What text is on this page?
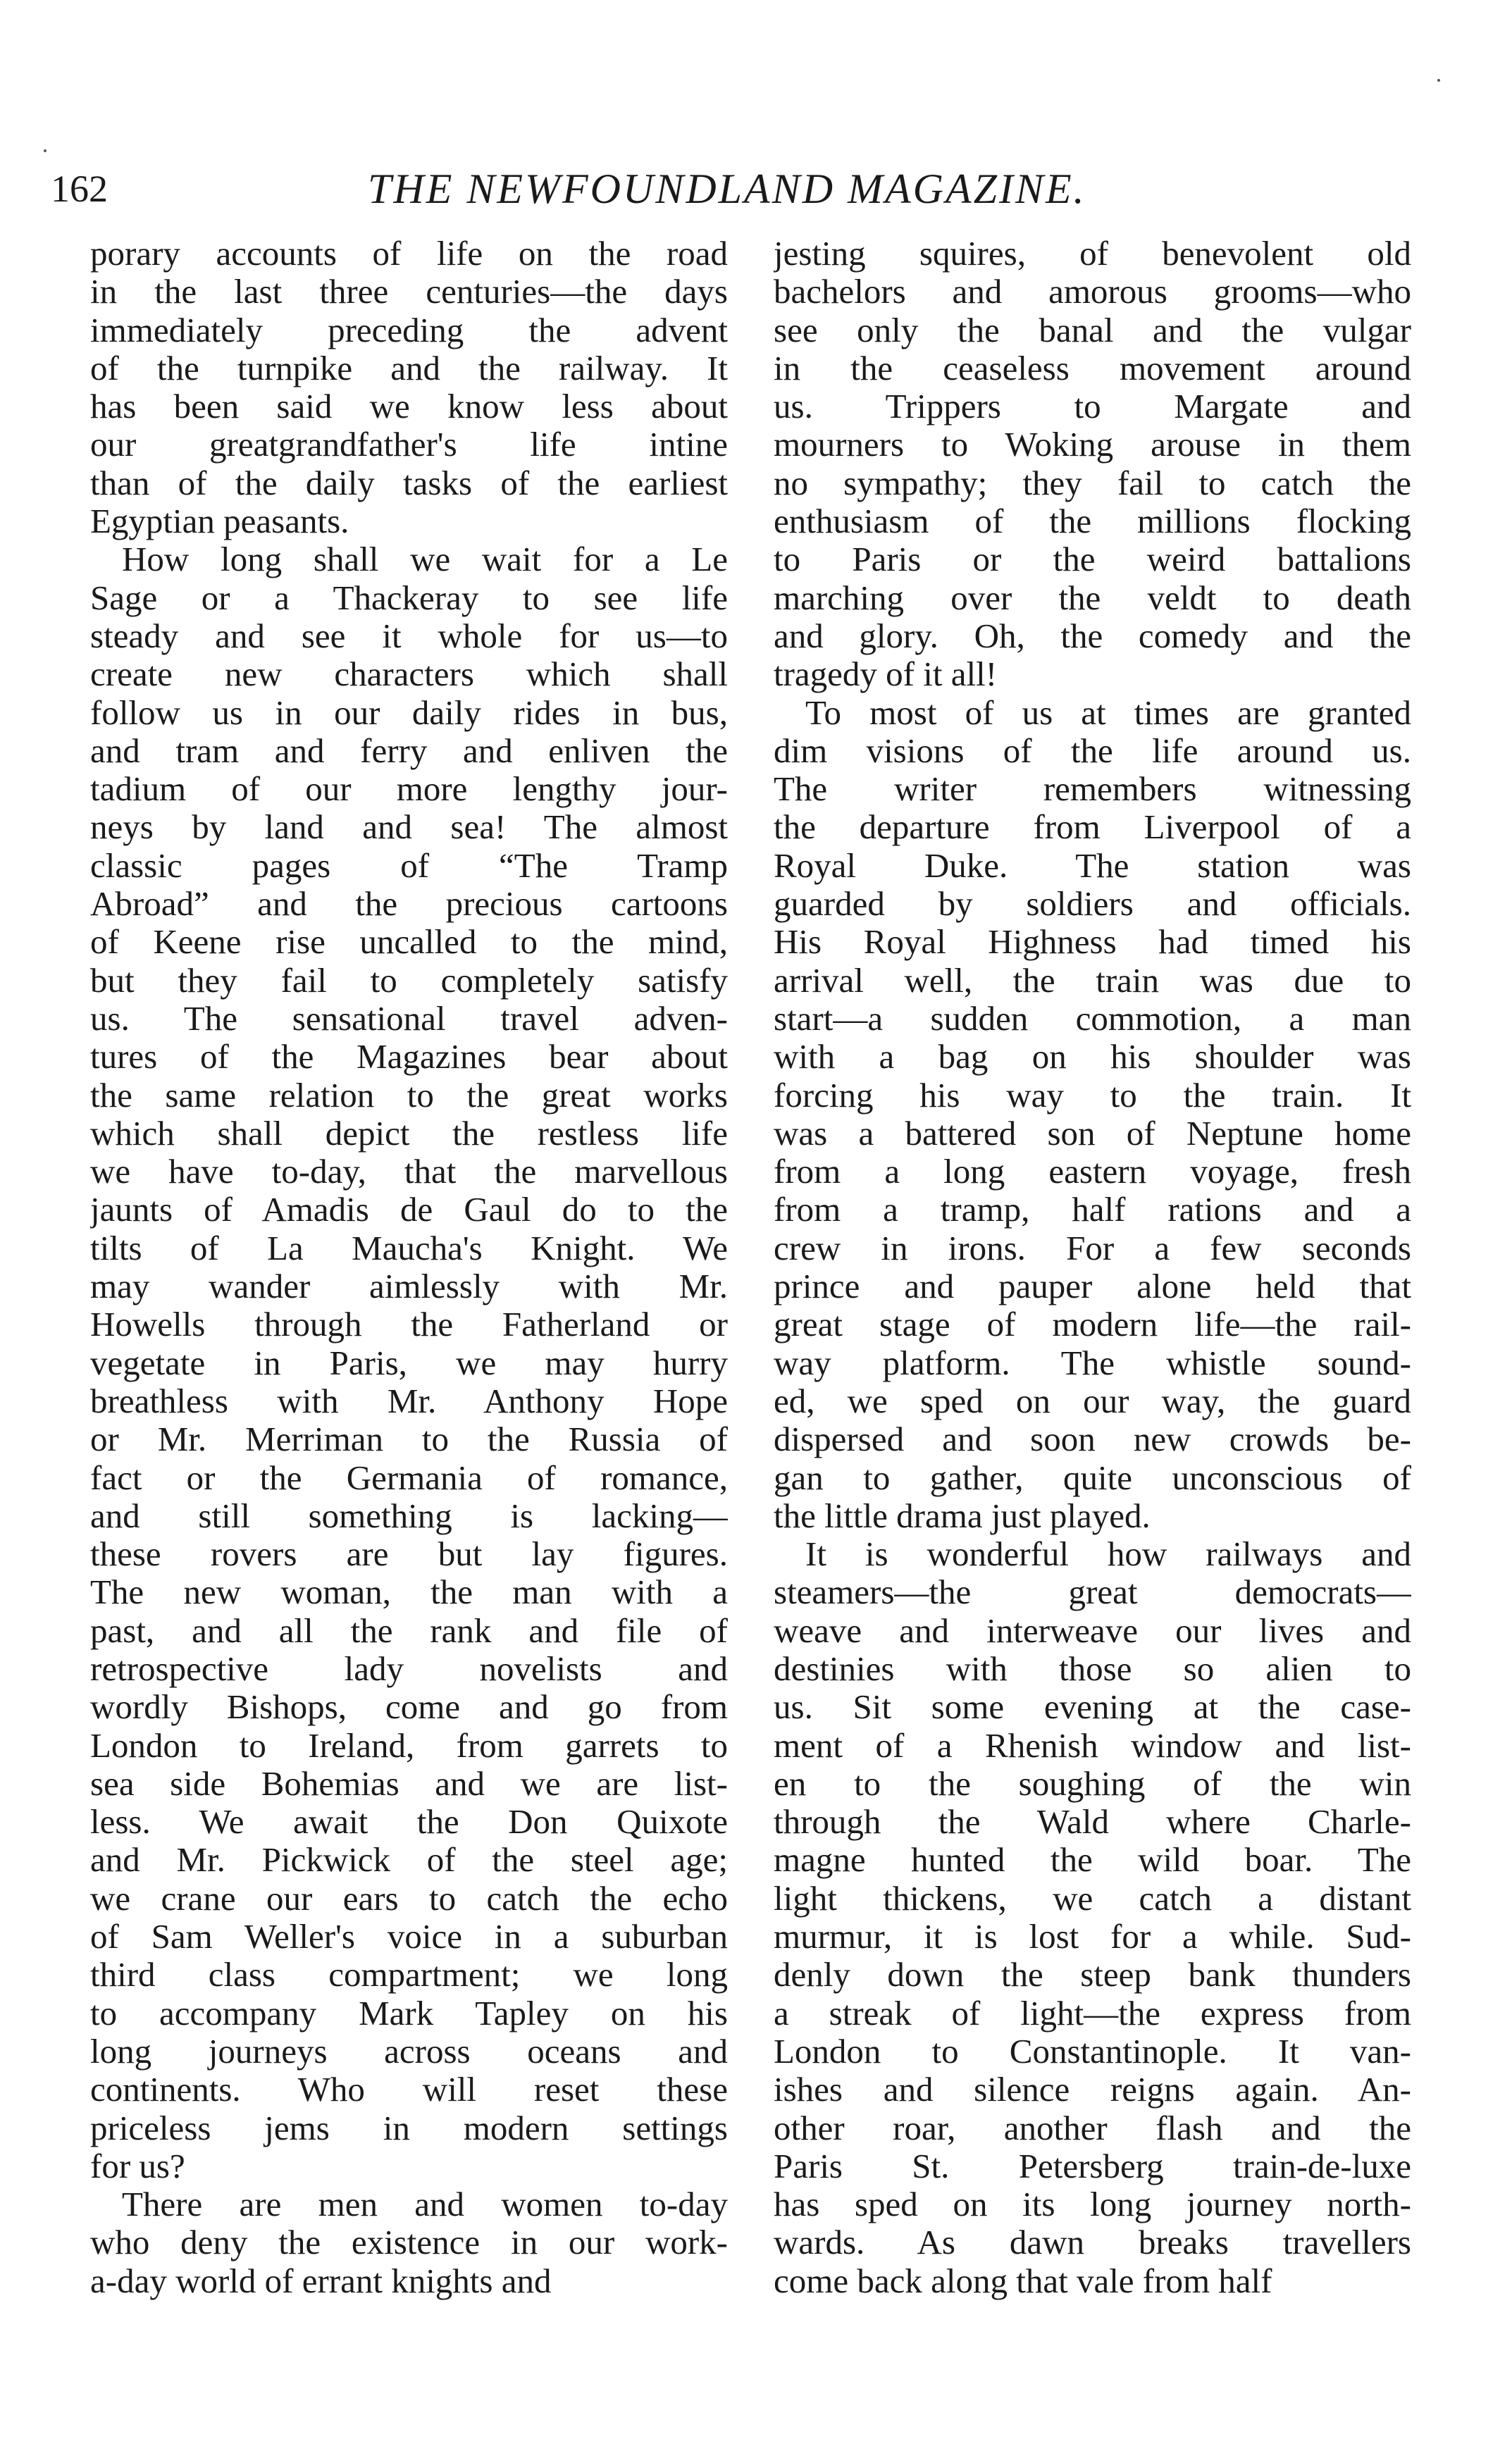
162	THE NEWFOUNDLAND MAGAZINE.
porary accounts of life on the road
in the last three centuries—the days
immediately preceding the advent
of the turnpike and the railway. It
has been said we know less about
our greatgrandfather's life intine
than of the daily tasks of the earliest
Egyptian peasants.
How long shall we wait for a Le
Sage or a Thackeray to see life
steady and see it whole for us—to
create new characters which shall
follow us in our daily rides in bus,
and tram and ferry and enliven the
tadium of our more lengthy jour-
neys by land and sea! The almost
classic pages of “The Tramp
Abroad” and the precious cartoons
of Keene rise uncalled to the mind,
but they fail to completely satisfy
us. The sensational travel adven-
tures of the Magazines bear about
the same relation to the great works
which shall depict the restless life
we have to-day, that the marvellous
jaunts of Amadis de Gaul do to the
tilts of La Maucha's Knight. We
may wander aimlessly with Mr.
Howells through the Fatherland or
vegetate in Paris, we may hurry
breathless with Mr. Anthony Hope
or Mr. Merriman to the Russia of
fact or the Germania of romance,
and still something is lacking—
these rovers are but lay figures.
The new woman, the man with a
past, and all the rank and file of
retrospective lady novelists and
wordly Bishops, come and go from
London to Ireland, from garrets to
sea side Bohemias and we are list-
less. We await the Don Quixote
and Mr. Pickwick of the steel age;
we crane our ears to catch the echo
of Sam Weller's voice in a suburban
third class compartment; we long
to accompany Mark Tapley on his
long journeys across oceans and
continents. Who will reset these
priceless jems in modern settings
for us?
There are men and women to-day
who deny the existence in our work-
a-day world of errant knights and
jesting squires, of benevolent old
bachelors and amorous grooms—who
see only the banal and the vulgar
in the ceaseless movement around
us. Trippers to Margate and
mourners to Woking arouse in them
no sympathy; they fail to catch the
enthusiasm of the millions flocking
to Paris or the weird battalions
marching over the veldt to death
and glory. Oh, the comedy and the
tragedy of it all!
To most of us at times are granted
dim visions of the life around us.
The writer remembers witnessing
the departure from Liverpool of a
Royal Duke. The station was
guarded by soldiers and officials.
His Royal Highness had timed his
arrival well, the train was due to
start—a sudden commotion, a man
with a bag on his shoulder was
forcing his way to the train. It
was a battered son of Neptune home
from a long eastern voyage, fresh
from a tramp, half rations and a
crew in irons. For a few seconds
prince and pauper alone held that
great stage of modern life—the rail-
way platform. The whistle sound-
ed, we sped on our way, the guard
dispersed and soon new crowds be-
gan to gather, quite unconscious of
the little drama just played.
It is wonderful how railways and
steamers—the great democrats—
weave and interweave our lives and
destinies with those so alien to
us. Sit some evening at the case-
ment of a Rhenish window and list-
en to the soughing of the win
through the Wald where Charle-
magne hunted the wild boar. The
light thickens, we catch a distant
murmur, it is lost for a while. Sud-
denly down the steep bank thunders
a streak of light—the express from
London to Constantinople. It van-
ishes and silence reigns again. An-
other roar, another flash and the
Paris St. Petersberg train-de-luxe
has sped on its long journey north-
wards. As dawn breaks travellers
come back along that vale from half
